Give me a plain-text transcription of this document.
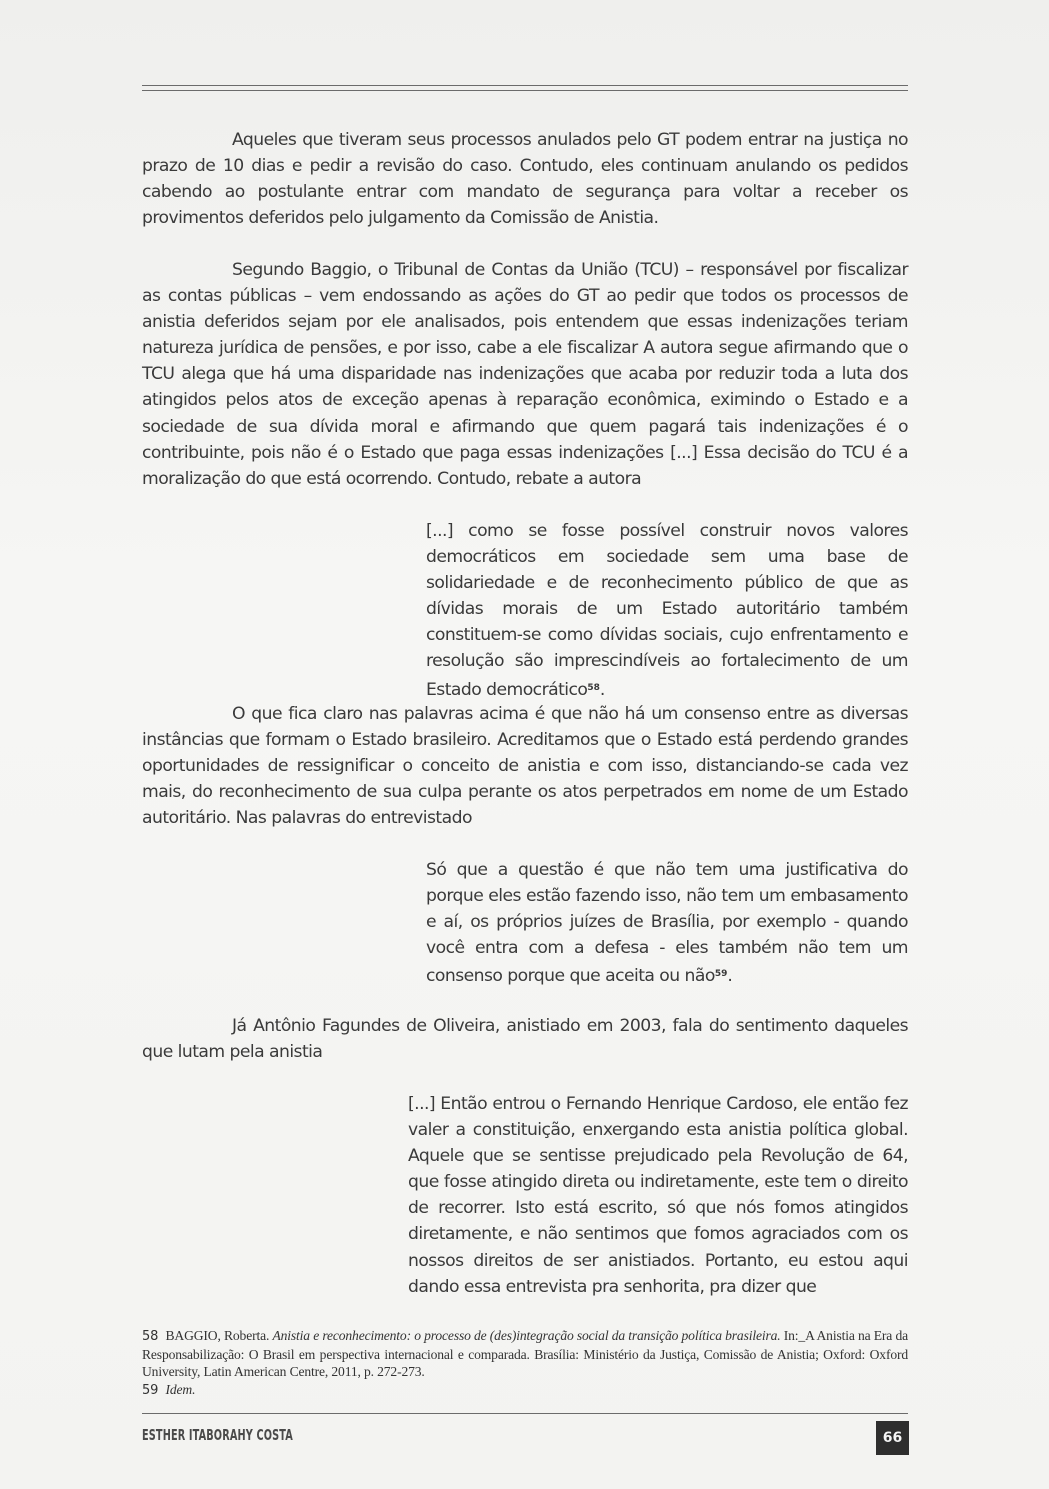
Aqueles que tiveram seus processos anulados pelo GT podem entrar na justiça no prazo de 10 dias e pedir a revisão do caso. Contudo, eles continuam anulando os pedidos cabendo ao postulante entrar com mandato de segurança para voltar a receber os provimentos deferidos pelo julgamento da Comissão de Anistia.

Segundo Baggio, o Tribunal de Contas da União (TCU) – responsável por fiscalizar as contas públicas – vem endossando as ações do GT ao pedir que todos os processos de anistia deferidos sejam por ele analisados, pois entendem que essas indenizações teriam natureza jurídica de pensões, e por isso, cabe a ele fiscalizar A autora segue afirmando que o TCU alega que há uma disparidade nas indenizações que acaba por reduzir toda a luta dos atingidos pelos atos de exceção apenas à reparação econômica, eximindo o Estado e a sociedade de sua dívida moral e afirmando que quem pagará tais indenizações é o contribuinte, pois não é o Estado que paga essas indenizações [...] Essa decisão do TCU é a moralização do que está ocorrendo. Contudo, rebate a autora

[...] como se fosse possível construir novos valores democráticos em sociedade sem uma base de solidariedade e de reconhecimento público de que as dívidas morais de um Estado autoritário também constituem-se como dívidas sociais, cujo enfrentamento e resolução são imprescindíveis ao fortalecimento de um Estado democrático$^{58}$.

O que fica claro nas palavras acima é que não há um consenso entre as diversas instâncias que formam o Estado brasileiro. Acreditamos que o Estado está perdendo grandes oportunidades de ressignificar o conceito de anistia e com isso, distanciando-se cada vez mais, do reconhecimento de sua culpa perante os atos perpetrados em nome de um Estado autoritário. Nas palavras do entrevistado

Só que a questão é que não tem uma justificativa do porque eles estão fazendo isso, não tem um embasamento e aí, os próprios juízes de Brasília, por exemplo - quando você entra com a defesa - eles também não tem um consenso porque que aceita ou não$^{59}$.

Já Antônio Fagundes de Oliveira, anistiado em 2003, fala do sentimento daqueles que lutam pela anistia

[...] Então entrou o Fernando Henrique Cardoso, ele então fez valer a constituição, enxergando esta anistia política global. Aquele que se sentisse prejudicado pela Revolução de 64, que fosse atingido direta ou indiretamente, este tem o direito de recorrer. Isto está escrito, só que nós fomos atingidos diretamente, e não sentimos que fomos agraciados com os nossos direitos de ser anistiados. Portanto, eu estou aqui dando essa entrevista pra senhorita, pra dizer que

58 BAGGIO, Roberta. Anistia e reconhecimento: o processo de (des)integração social da transição política brasileira. In:_A Anistia na Era da Responsabilização: O Brasil em perspectiva internacional e comparada. Brasília: Ministério da Justiça, Comissão de Anistia; Oxford: Oxford University, Latin American Centre, 2011, p. 272-273.

59 Idem.

ESTHER ITABORAHY COSTA	66
